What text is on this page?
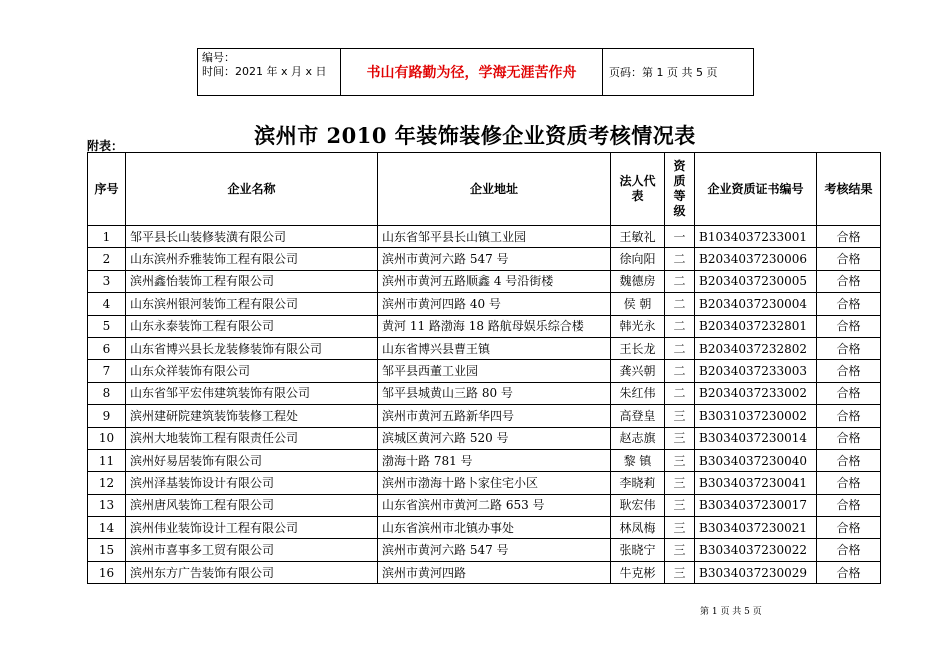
编号：
时间：2021 年 x 月 x 日	书山有路勤为径，学海无涯苦作舟	页码：第 1 页 共 5 页
滨州市 2010 年装饰装修企业资质考核情况表
附表：
序号	企业名称	企业地址	法人代表	资质等级	企业资质证书编号	考核结果
1	邹平县长山装修装潢有限公司	山东省邹平县长山镇工业园	王敏礼	一	B1034037233001	合格
2	山东滨州乔雅装饰工程有限公司	滨州市黄河六路 547 号	徐向阳	二	B2034037230006	合格
3	滨州鑫怡装饰工程有限公司	滨州市黄河五路顺鑫 4 号沿街楼	魏德房	二	B2034037230005	合格
4	山东滨州银河装饰工程有限公司	滨州市黄河四路 40 号	侯 朝	二	B2034037230004	合格
5	山东永泰装饰工程有限公司	黄河 11 路渤海 18 路航母娱乐综合楼	韩光永	二	B2034037232801	合格
6	山东省博兴县长龙装修装饰有限公司	山东省博兴县曹王镇	王长龙	二	B2034037232802	合格
7	山东众祥装饰有限公司	邹平县西董工业园	龚兴朝	二	B2034037233003	合格
8	山东省邹平宏伟建筑装饰有限公司	邹平县城黄山三路 80 号	朱红伟	二	B2034037233002	合格
9	滨州建研院建筑装饰装修工程处	滨州市黄河五路新华四号	高登皇	三	B3031037230002	合格
10	滨州大地装饰工程有限责任公司	滨城区黄河六路 520 号	赵志旗	三	B3034037230014	合格
11	滨州好易居装饰有限公司	渤海十路 781 号	黎 镇	三	B3034037230040	合格
12	滨州泽基装饰设计有限公司	滨州市渤海十路卜家住宅小区	李晓莉	三	B3034037230041	合格
13	滨州唐风装饰工程有限公司	山东省滨州市黄河二路 653 号	耿宏伟	三	B3034037230017	合格
14	滨州伟业装饰设计工程有限公司	山东省滨州市北镇办事处	林凤梅	三	B3034037230021	合格
15	滨州市喜事多工贸有限公司	滨州市黄河六路 547 号	张晓宁	三	B3034037230022	合格
16	滨州东方广告装饰有限公司	滨州市黄河四路	牛克彬	三	B3034037230029	合格
第 1 页 共 5 页
